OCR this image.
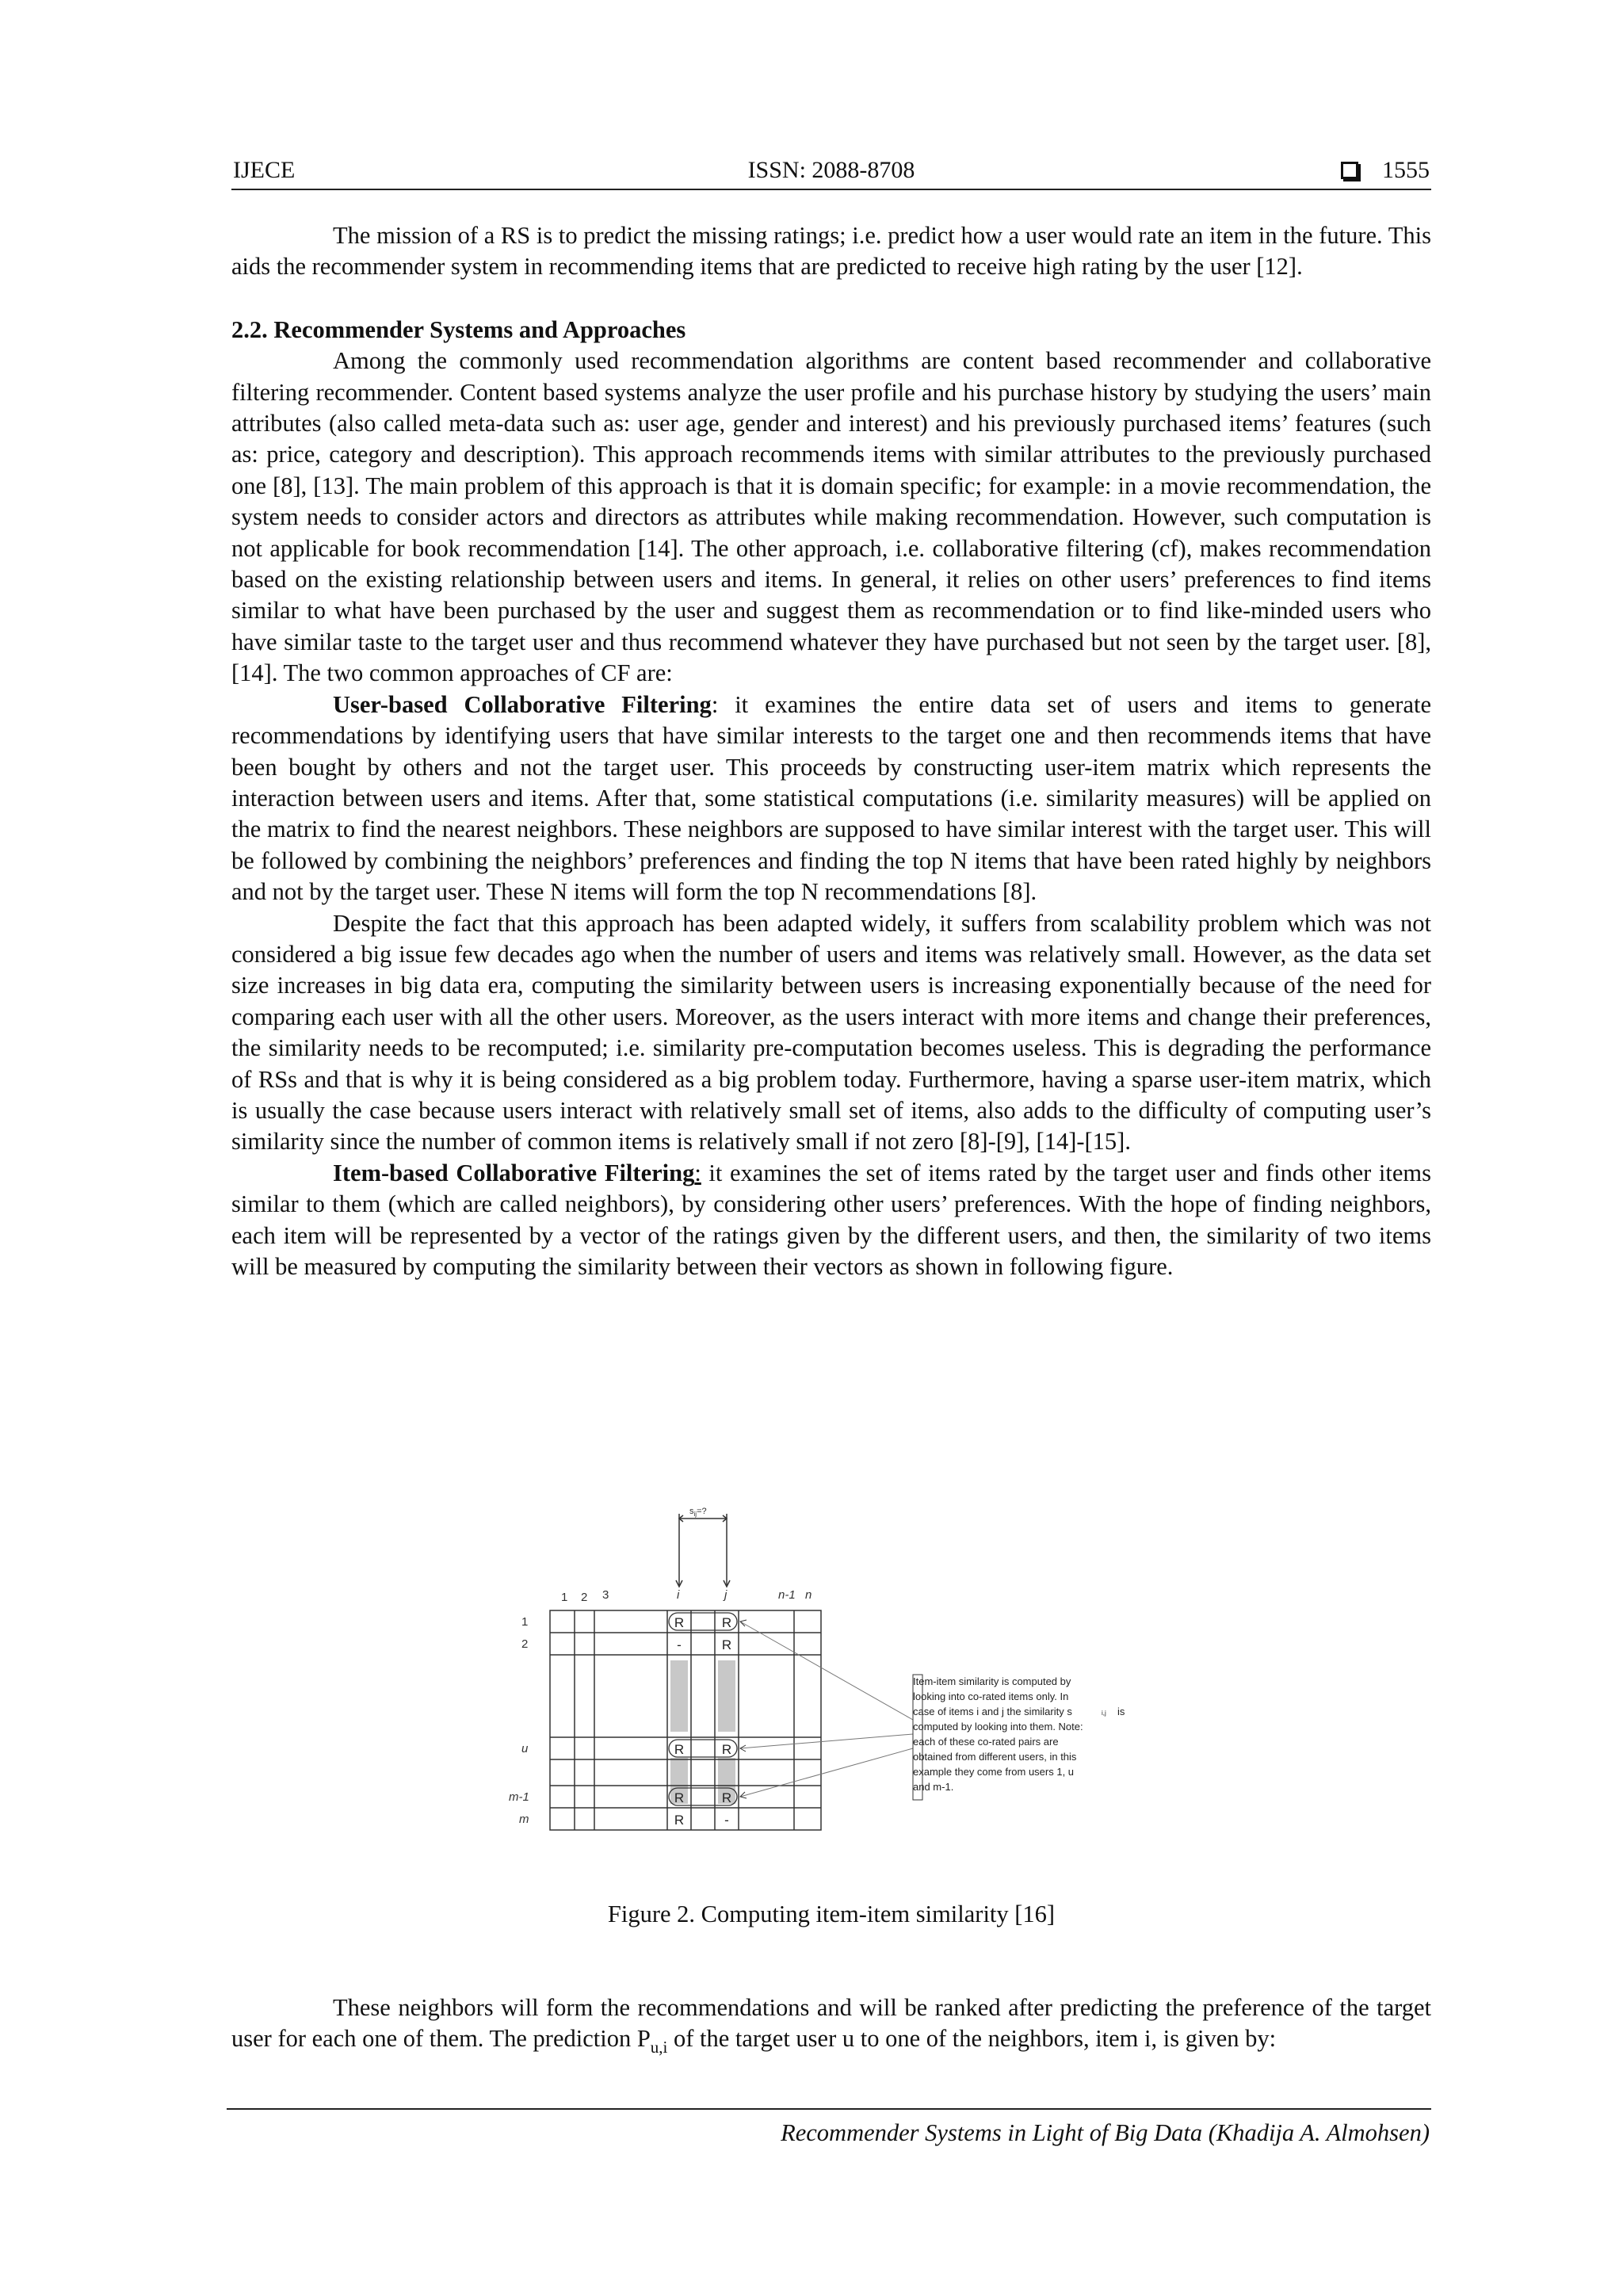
IJECE	ISSN: 2088-8708	1555

The mission of a RS is to predict the missing ratings; i.e. predict how a user would rate an item in the future. This aids the recommender system in recommending items that are predicted to receive high rating by the user [12].

2.2. Recommender Systems and Approaches

Among the commonly used recommendation algorithms are content based recommender and collaborative filtering recommender. Content based systems analyze the user profile and his purchase history by studying the users’ main attributes (also called meta-data such as: user age, gender and interest) and his previously purchased items’ features (such as: price, category and description). This approach recommends items with similar attributes to the previously purchased one [8], [13]. The main problem of this approach is that it is domain specific; for example: in a movie recommendation, the system needs to consider actors and directors as attributes while making recommendation. However, such computation is not applicable for book recommendation [14]. The other approach, i.e. collaborative filtering (cf), makes recommendation based on the existing relationship between users and items. In general, it relies on other users’ preferences to find items similar to what have been purchased by the user and suggest them as recommendation or to find like-minded users who have similar taste to the target user and thus recommend whatever they have purchased but not seen by the target user. [8], [14]. The two common approaches of CF are:

User-based Collaborative Filtering: it examines the entire data set of users and items to generate recommendations by identifying users that have similar interests to the target one and then recommends items that have been bought by others and not the target user. This proceeds by constructing user-item matrix which represents the interaction between users and items. After that, some statistical computations (i.e. similarity measures) will be applied on the matrix to find the nearest neighbors. These neighbors are supposed to have similar interest with the target user. This will be followed by combining the neighbors’ preferences and finding the top N items that have been rated highly by neighbors and not by the target user. These N items will form the top N recommendations [8].

Despite the fact that this approach has been adapted widely, it suffers from scalability problem which was not considered a big issue few decades ago when the number of users and items was relatively small. However, as the data set size increases in big data era, computing the similarity between users is increasing exponentially because of the need for comparing each user with all the other users. Moreover, as the users interact with more items and change their preferences, the similarity needs to be recomputed; i.e. similarity pre-computation becomes useless. This is degrading the performance of RSs and that is why it is being considered as a big problem today. Furthermore, having a sparse user-item matrix, which is usually the case because users interact with relatively small set of items, also adds to the difficulty of computing user’s similarity since the number of common items is relatively small if not zero [8]-[9], [14]-[15].

Item-based Collaborative Filtering: it examines the set of items rated by the target user and finds other items similar to them (which are called neighbors), by considering other users’ preferences. With the hope of finding neighbors, each item will be represented by a vector of the ratings given by the different users, and then, the similarity of two items will be measured by computing the similarity between their vectors as shown in following figure.

1 2 3	i	j	n-1 n
1
2
u
m-1
m
$s_{ij}=$?
R	R
-	R
R	R
R	R
R	-
Item-item similarity is computed by
looking into co-rated items only. In
case of items i and j the similarity s	i,j is
computed by looking into them. Note:
each of these co-rated pairs are
obtained from different users, in this
example they come from users 1, u
and m-1.
Figure 2. Computing item-item similarity [16]

These neighbors will form the recommendations and will be ranked after predicting the preference of the target user for each one of them. The prediction $P_{u,i}$ of the target user u to one of the neighbors, item i, is given by:

Recommender Systems in Light of Big Data (Khadija A. Almohsen)
